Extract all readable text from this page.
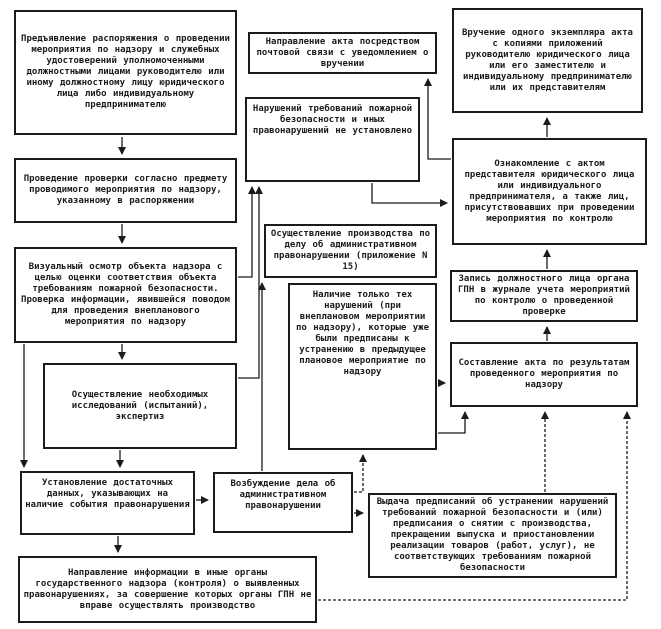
Предъявление распоряжения о проведении мероприятия по надзору и служебных удостоверений уполномоченными должностными лицами руководителю или иному должностному лицу юридического лица либо индивидуальному предпринимателю
Проведение проверки согласно предмету проводимого мероприятия по надзору, указанному в распоряжении
Визуальный осмотр объекта надзора с целью оценки соответствия объекта требованиям пожарной безопасности. Проверка информации, явившейся поводом для проведения внепланового мероприятия по надзору
Осуществление необходимых исследований (испытаний), экспертиз
Установление достаточных данных, указывающих на наличие события правонарушения
Направление информации в иные органы государственного надзора (контроля) о выявленных правонарушениях, за совершение которых органы ГПН не вправе осуществлять производство
Направление акта посредством почтовой связи с уведомлением о вручении
Нарушений требований пожарной безопасности и иных правонарушений не установлено
Осуществление производства по делу об административном правонарушении (приложение N 15)
Наличие только тех нарушений (при внеплановом мероприятии по надзору), которые уже были предписаны к устранению в предыдущее плановое мероприятие по надзору
Возбуждение дела об административном правонарушении
Вручение одного экземпляра акта с копиями приложений руководителю юридического лица или его заместителю и индивидуальному предпринимателю или их представителям
Ознакомление с актом представителя юридического лица или индивидуального предпринимателя, а также лиц, присутствовавших при проведении мероприятия по контролю
Запись должностного лица органа ГПН в журнале учета мероприятий по контролю о проведенной проверке
Составление акта по результатам проведенного мероприятия по надзору
Выдача предписаний об устранении нарушений требований пожарной безопасности и (или) предписания о снятии с производства, прекращении выпуска и приостановлении реализации товаров (работ, услуг), не соответствующих требованиям пожарной безопасности
